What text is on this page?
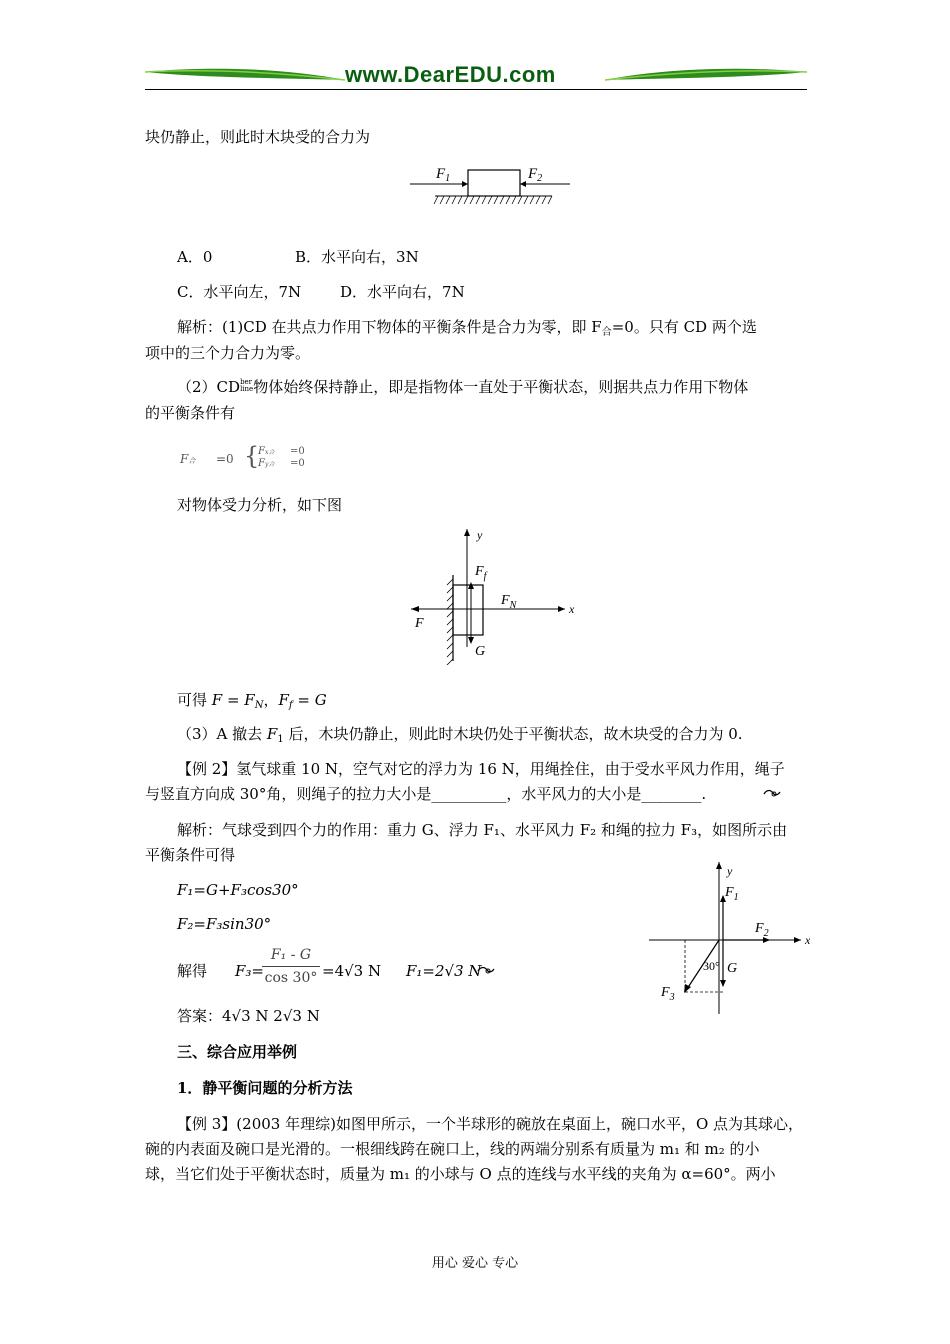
www.DearEDU.com
块仍静止，则此时木块受的合力为
$F_1$	$F_2$
A．0	B．水平向右，3N
C．水平向左，7N	D．水平向右，7N
解析：(1)CD 在共点力作用下物体的平衡条件是合力为零，即 $F_合=0$。只有 CD 两个选
项中的三个力合力为零。
（2）CD ber
line 物体始终保持静止，即是指物体一直处于平衡状态，则据共点力作用下物体
的平衡条件有
F合 =0 {
Fx合 =0
Fy合 =0
对物体受力分析，如下图
y
x
$F_f$
$F_N$
F
G
可得 $F = F_N$，$F_f = G$
（3）A 撤去 $F_1$ 后，木块仍静止，则此时木块仍处于平衡状态，故木块受的合力为 0.
【例 2】氢气球重 10 N，空气对它的浮力为 16 N，用绳拴住，由于受水平风力作用，绳子
与竖直方向成 30°角，则绳子的拉力大小是__________，水平风力的大小是________.
解析：气球受到四个力的作用：重力 G、浮力 F₁、水平风力 F₂ 和绳的拉力 F₃，如图所示由
平衡条件可得
F₁=G+F₃cos30°
F₂=F₃sin30°
解得 F₃=
F₁ - G
cos 30° =4√3 N F₁=2√3 N
y
x
$F_1$
$F_2$
30° G
$F_3$
答案：4√3 N 2√3 N
三、综合应用举例
1．静平衡问题的分析方法
【例 3】(2003 年理综)如图甲所示，一个半球形的碗放在桌面上，碗口水平，O 点为其球心，
碗的内表面及碗口是光滑的。一根细线跨在碗口上，线的两端分别系有质量为 m₁ 和 m₂ 的小
球，当它们处于平衡状态时，质量为 m₁ 的小球与 O 点的连线与水平线的夹角为 α=60°。两小
用心 爱心 专心
